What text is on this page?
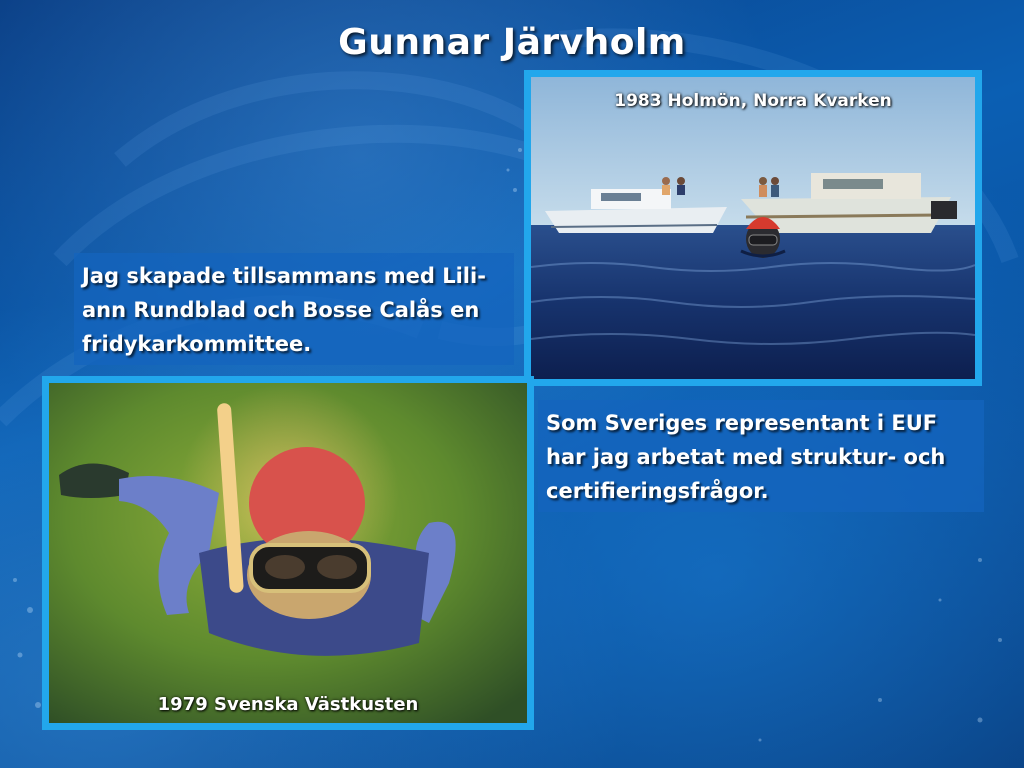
Gunnar Järvholm
1983 Holmön, Norra Kvarken
Jag skapade tillsammans med Lili-ann Rundblad och Bosse Calås en fridykarkommittee.
1979 Svenska Västkusten
Som Sveriges representant i EUF har jag arbetat med struktur- och certifieringsfrågor.
